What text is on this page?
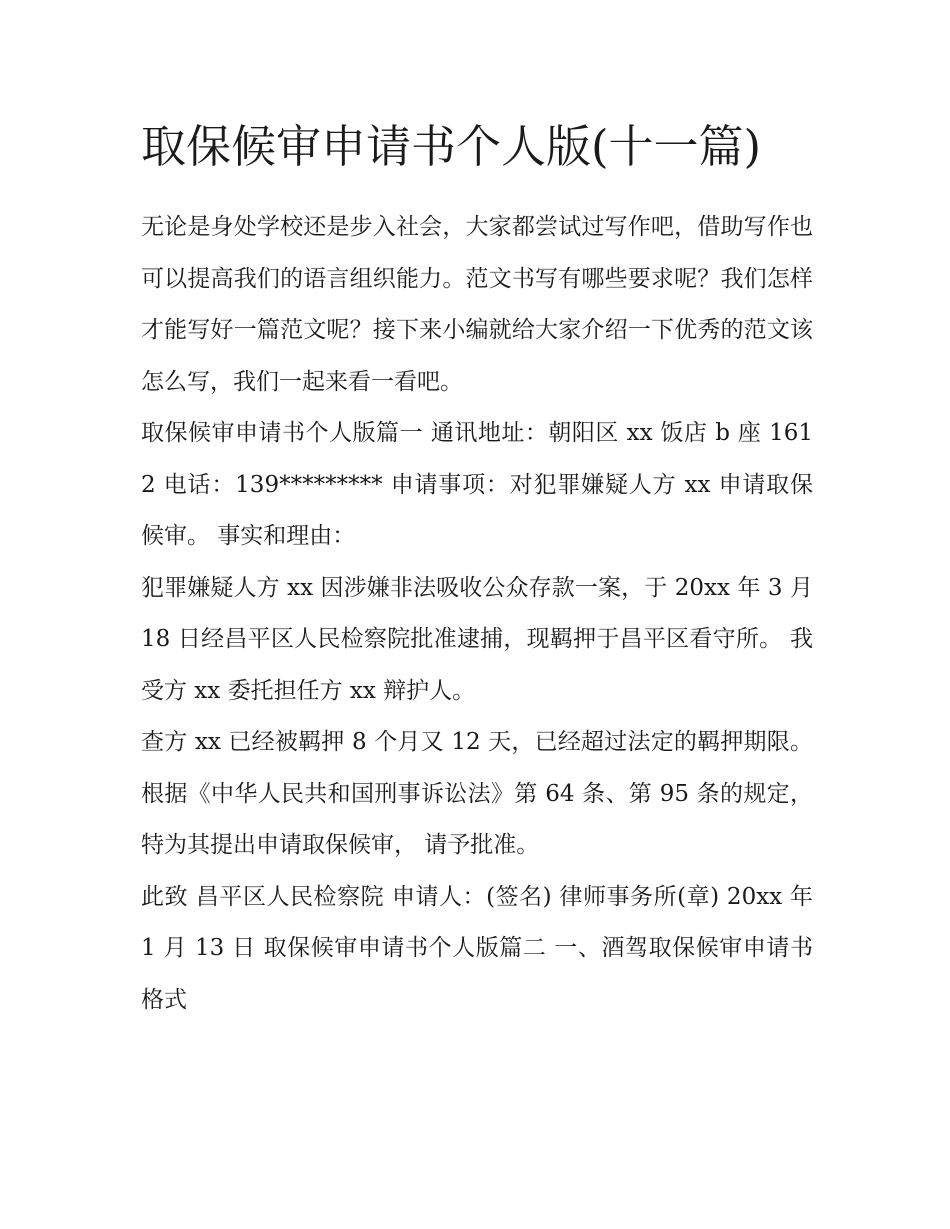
取保候审申请书个人版(十一篇)

无论是身处学校还是步入社会，大家都尝试过写作吧，借助写作也可以提高我们的语言组织能力。范文书写有哪些要求呢？我们怎样才能写好一篇范文呢？接下来小编就给大家介绍一下优秀的范文该怎么写，我们一起来看一看吧。

取保候审申请书个人版篇一 通讯地址：朝阳区 xx 饭店 b 座 1612 电话：139********* 申请事项：对犯罪嫌疑人方 xx 申请取保候审。 事实和理由：

犯罪嫌疑人方 xx 因涉嫌非法吸收公众存款一案，于 20xx 年 3 月 18 日经昌平区人民检察院批准逮捕，现羁押于昌平区看守所。 我受方 xx 委托担任方 xx 辩护人。

查方 xx 已经被羁押 8 个月又 12 天，已经超过法定的羁押期限。 根据《中华人民共和国刑事诉讼法》第 64 条、第 95 条的规定，特为其提出申请取保候审， 请予批准。

此致 昌平区人民检察院 申请人：(签名) 律师事务所(章) 20xx 年 1 月 13 日 取保候审申请书个人版篇二 一、酒驾取保候审申请书格式
